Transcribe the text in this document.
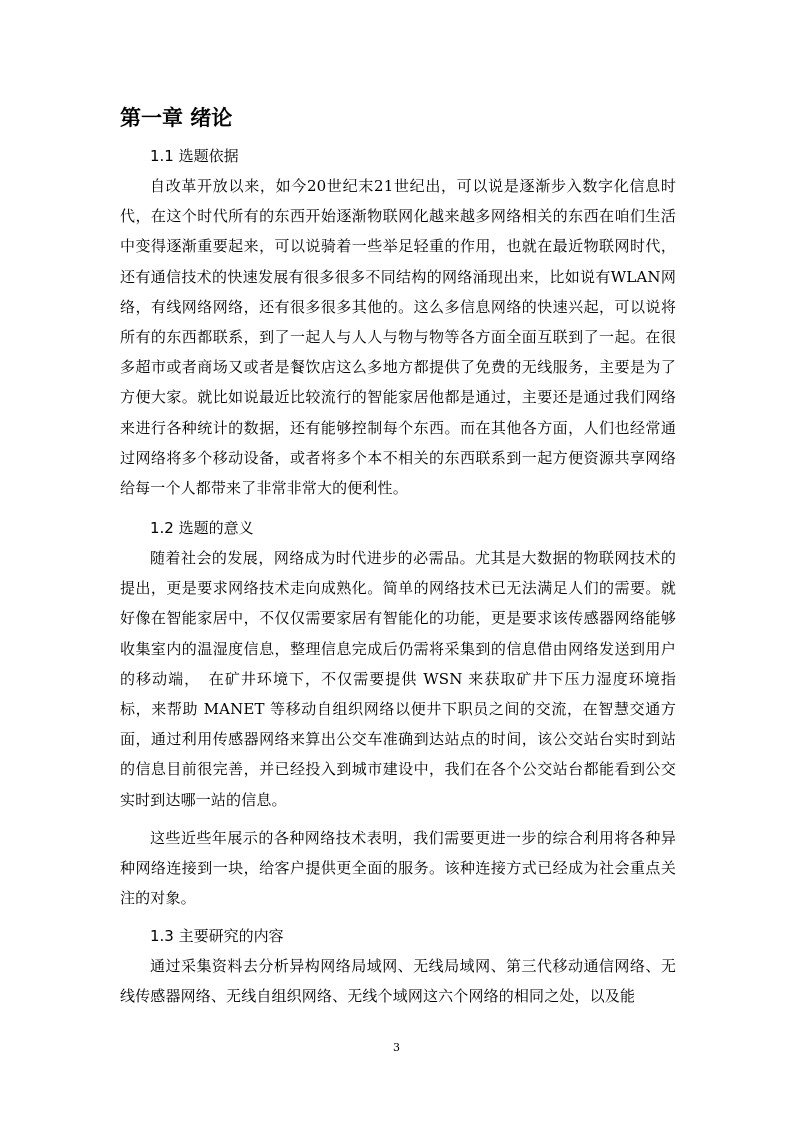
第一章 绪论
1.1 选题依据

自改革开放以来，如今20世纪末21世纪出，可以说是逐渐步入数字化信息时代，在这个时代所有的东西开始逐渐物联网化越来越多网络相关的东西在咱们生活中变得逐渐重要起来，可以说骑着一些举足轻重的作用，也就在最近物联网时代，还有通信技术的快速发展有很多很多不同结构的网络涌现出来，比如说有WLAN网络，有线网络网络，还有很多很多其他的。这么多信息网络的快速兴起，可以说将所有的东西都联系，到了一起人与人人与物与物等各方面全面互联到了一起。在很多超市或者商场又或者是餐饮店这么多地方都提供了免费的无线服务，主要是为了方便大家。就比如说最近比较流行的智能家居他都是通过，主要还是通过我们网络来进行各种统计的数据，还有能够控制每个东西。而在其他各方面，人们也经常通过网络将多个移动设备，或者将多个本不相关的东西联系到一起方便资源共享网络给每一个人都带来了非常非常大的便利性。

1.2 选题的意义

随着社会的发展，网络成为时代进步的必需品。尤其是大数据的物联网技术的提出，更是要求网络技术走向成熟化。简单的网络技术已无法满足人们的需要。就好像在智能家居中，不仅仅需要家居有智能化的功能，更是要求该传感器网络能够收集室内的温湿度信息，整理信息完成后仍需将采集到的信息借由网络发送到用户的移动端，　在矿井环境下，不仅需要提供 WSN 来获取矿井下压力湿度环境指标，来帮助 MANET 等移动自组织网络以便井下职员之间的交流，在智慧交通方面，通过利用传感器网络来算出公交车准确到达站点的时间，该公交站台实时到站的信息目前很完善，并已经投入到城市建设中，我们在各个公交站台都能看到公交实时到达哪一站的信息。

这些近些年展示的各种网络技术表明，我们需要更进一步的综合利用将各种异种网络连接到一块，给客户提供更全面的服务。该种连接方式已经成为社会重点关注的对象。

1.3 主要研究的内容

通过采集资料去分析异构网络局域网、无线局域网、第三代移动通信网络、无线传感器网络、无线自组织网络、无线个域网这六个网络的相同之处，以及能

3
